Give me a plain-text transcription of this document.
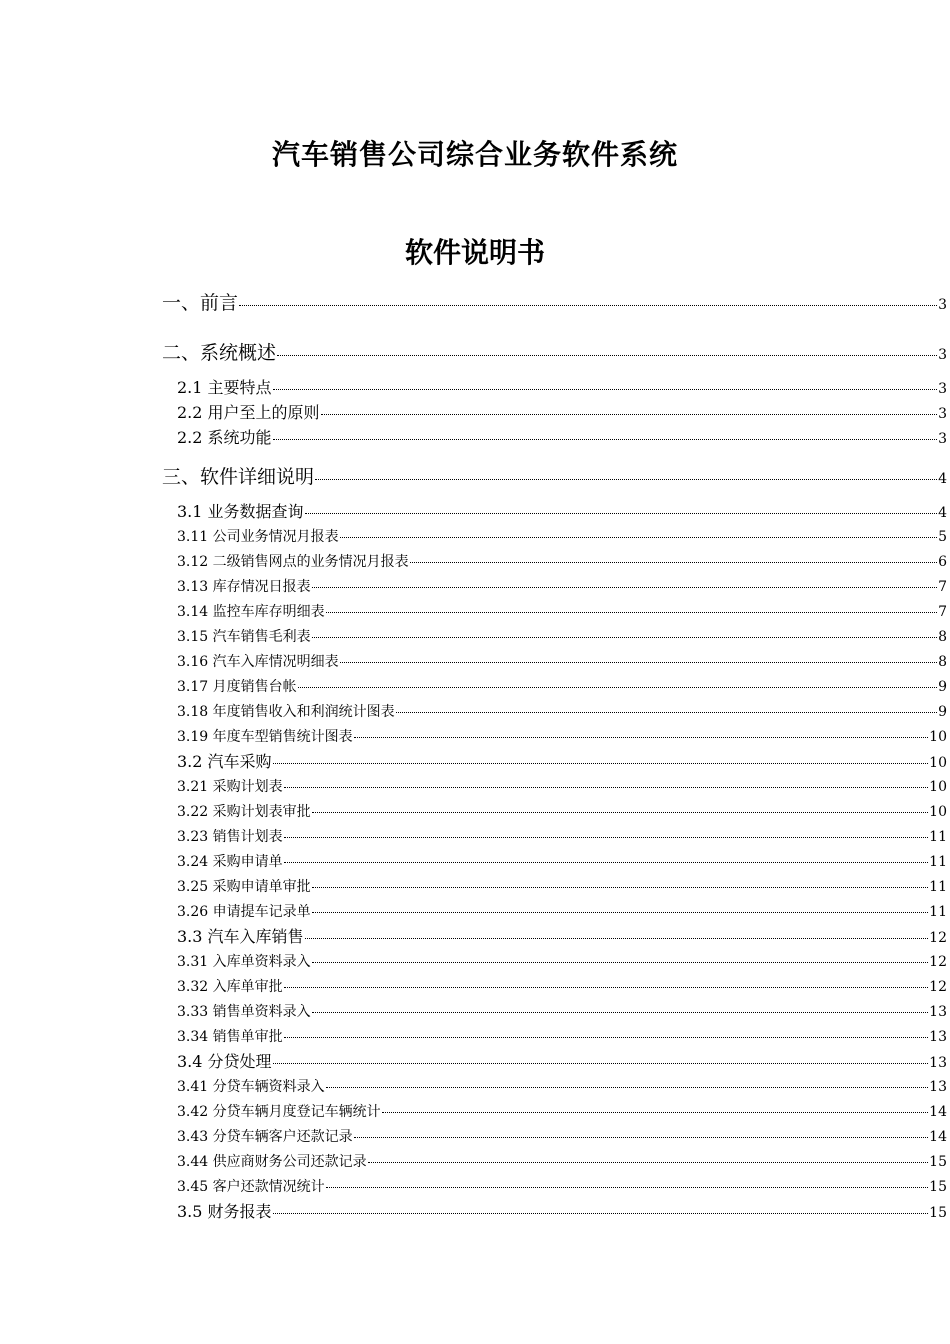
汽车销售公司综合业务软件系统
软件说明书
一、前言	3
二、系统概述	3
2.1 主要特点	3
2.2 用户至上的原则	3
2.2 系统功能	3
三、软件详细说明	4
3.1 业务数据查询	4
3.11 公司业务情况月报表	5
3.12 二级销售网点的业务情况月报表	6
3.13 库存情况日报表	7
3.14 监控车库存明细表	7
3.15 汽车销售毛利表	8
3.16 汽车入库情况明细表	8
3.17 月度销售台帐	9
3.18 年度销售收入和利润统计图表	9
3.19 年度车型销售统计图表	10
3.2 汽车采购	10
3.21 采购计划表	10
3.22 采购计划表审批	10
3.23 销售计划表	11
3.24 采购申请单	11
3.25 采购申请单审批	11
3.26 申请提车记录单	11
3.3 汽车入库销售	12
3.31 入库单资料录入	12
3.32 入库单审批	12
3.33 销售单资料录入	13
3.34 销售单审批	13
3.4 分贷处理	13
3.41 分贷车辆资料录入	13
3.42 分贷车辆月度登记车辆统计	14
3.43 分贷车辆客户还款记录	14
3.44 供应商财务公司还款记录	15
3.45 客户还款情况统计	15
3.5 财务报表	15
